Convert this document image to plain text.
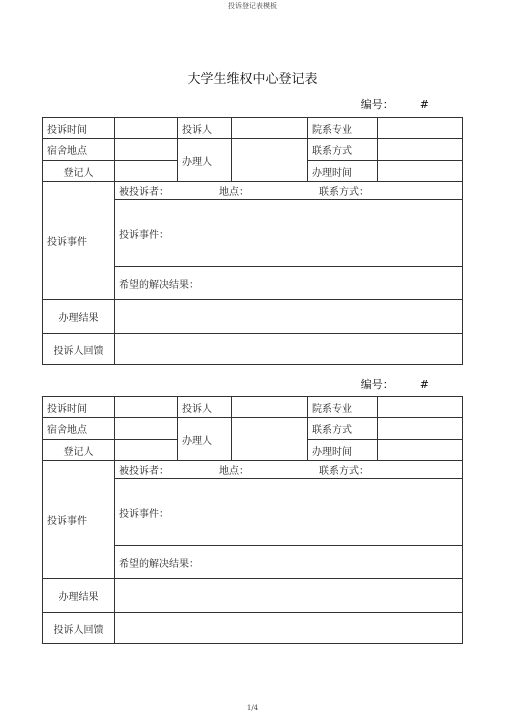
投诉登记表模板
大学生维权中心登记表
编号： #
投诉时间		投诉人		院系专业	
宿舍地点		办理人		联系方式	
登记人				办理时间	
投诉事件	被投诉者： 地点： 联系方式：				

	投诉事件：				
	希望的解决结果：				
办理结果					
投诉人回馈					
编号： #
投诉时间		投诉人		院系专业	
宿舍地点		办理人		联系方式	
登记人				办理时间	
投诉事件	被投诉者： 地点： 联系方式：				

	投诉事件：				
	希望的解决结果：				
办理结果					
投诉人回馈					
1/4
